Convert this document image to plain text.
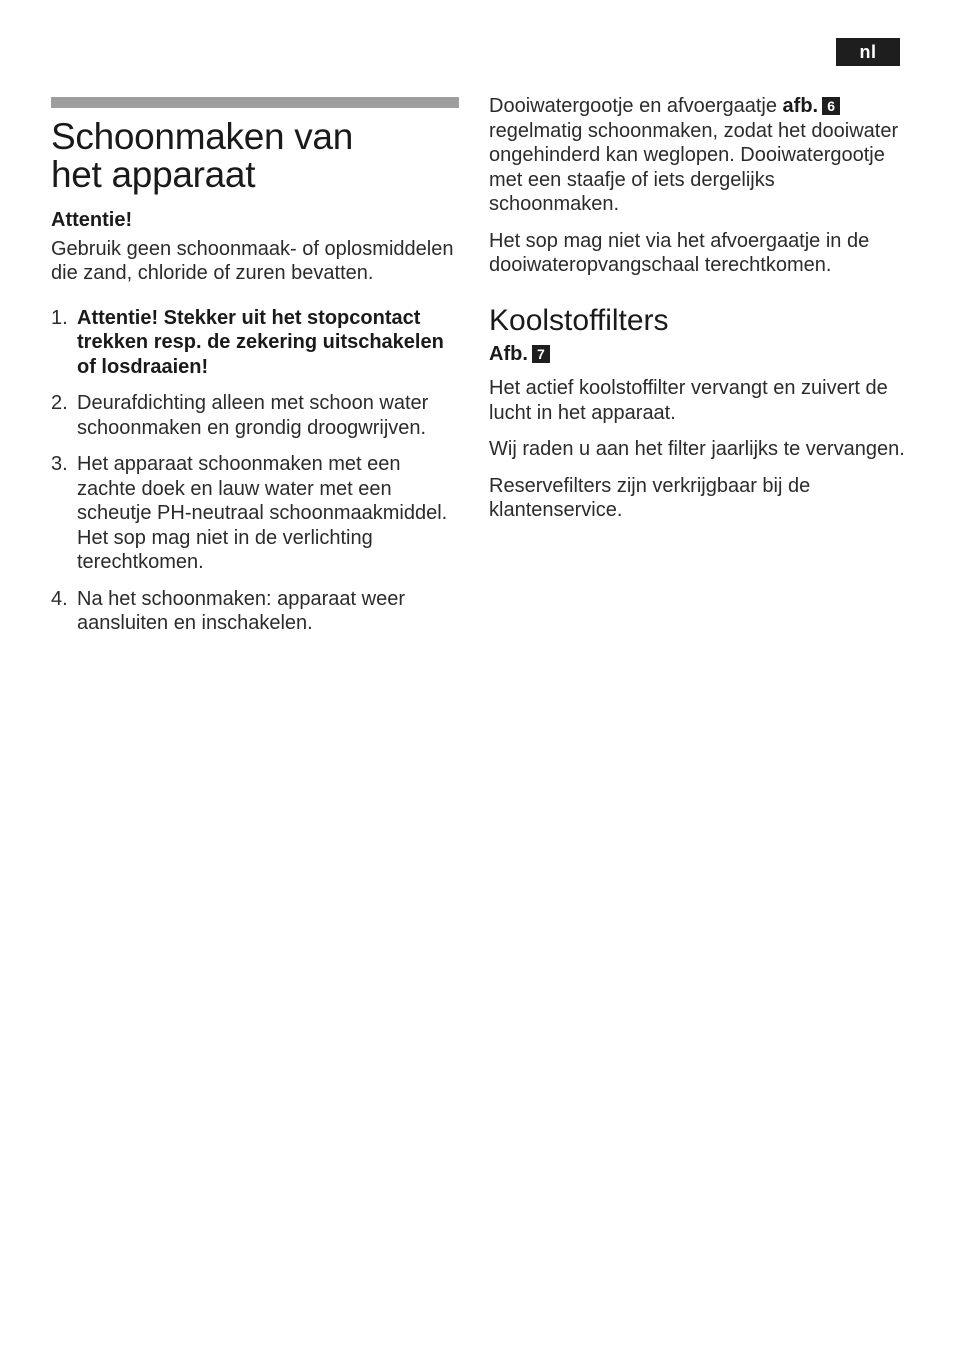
nl
Schoonmaken van
het apparaat
Attentie!

Gebruik geen schoonmaak- of oplosmiddelen die zand, chloride of zuren bevatten.

1. Attentie! Stekker uit het stopcontact trekken resp. de zekering uitschakelen of losdraaien!
2. Deurafdichting alleen met schoon water schoonmaken en grondig droogwrijven.
3. Het apparaat schoonmaken met een zachte doek en lauw water met een scheutje PH-neutraal schoonmaakmiddel. Het sop mag niet in de verlichting terechtkomen.
4. Na het schoonmaken: apparaat weer aansluiten en inschakelen.

Dooiwatergootje en afvoergaatje afb. 6 regelmatig schoonmaken, zodat het dooiwater ongehinderd kan weglopen. Dooiwatergootje met een staafje of iets dergelijks schoonmaken.

Het sop mag niet via het afvoergaatje in de dooiwateropvangschaal terechtkomen.

Koolstoffilters
Afb. 7

Het actief koolstoffilter vervangt en zuivert de lucht in het apparaat.

Wij raden u aan het filter jaarlijks te vervangen.

Reservefilters zijn verkrijgbaar bij de klantenservice.
